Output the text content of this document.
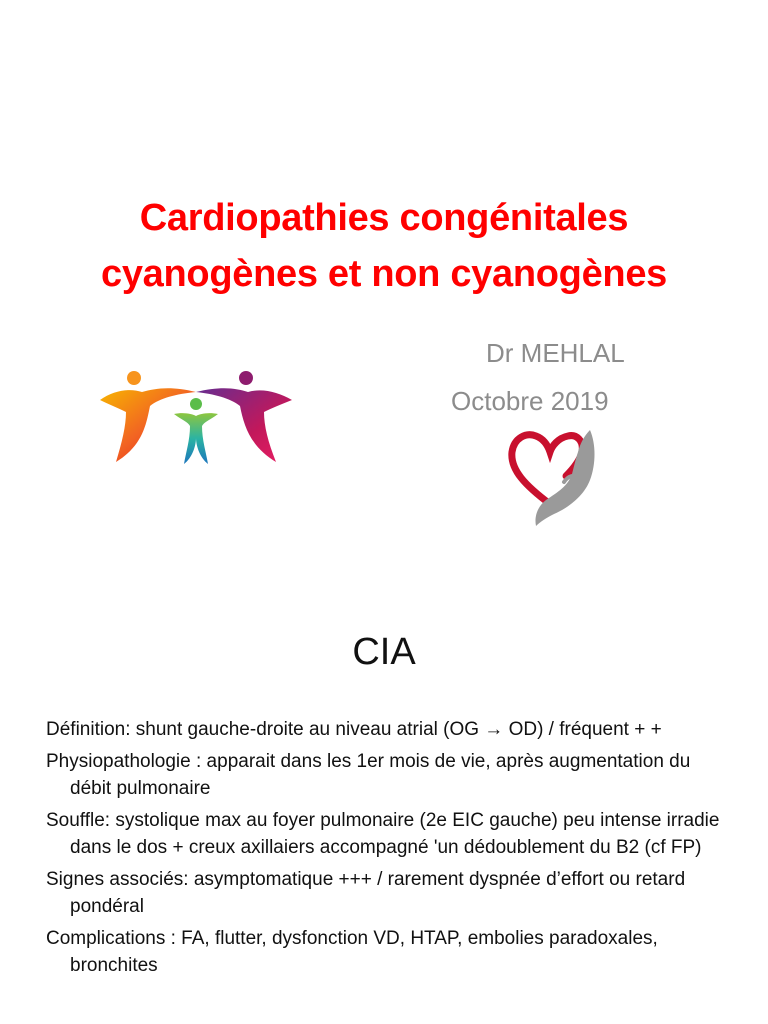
Cardiopathies congénitales
cyanogènes et non cyanogènes
Dr MEHLAL
Octobre 2019
CIA
Définition: shunt gauche-droite au niveau atrial (OG → OD) / fréquent + +
Physiopathologie : apparait dans les 1er mois de vie, après augmentation du débit pulmonaire
Souffle: systolique max au foyer pulmonaire (2e EIC gauche) peu intense irradie dans le dos + creux axillaiers accompagné 'un dédoublement du B2 (cf FP)
Signes associés: asymptomatique +++ / rarement dyspnée d’effort ou retard pondéral
Complications : FA, flutter, dysfonction VD, HTAP, embolies paradoxales, bronchites
